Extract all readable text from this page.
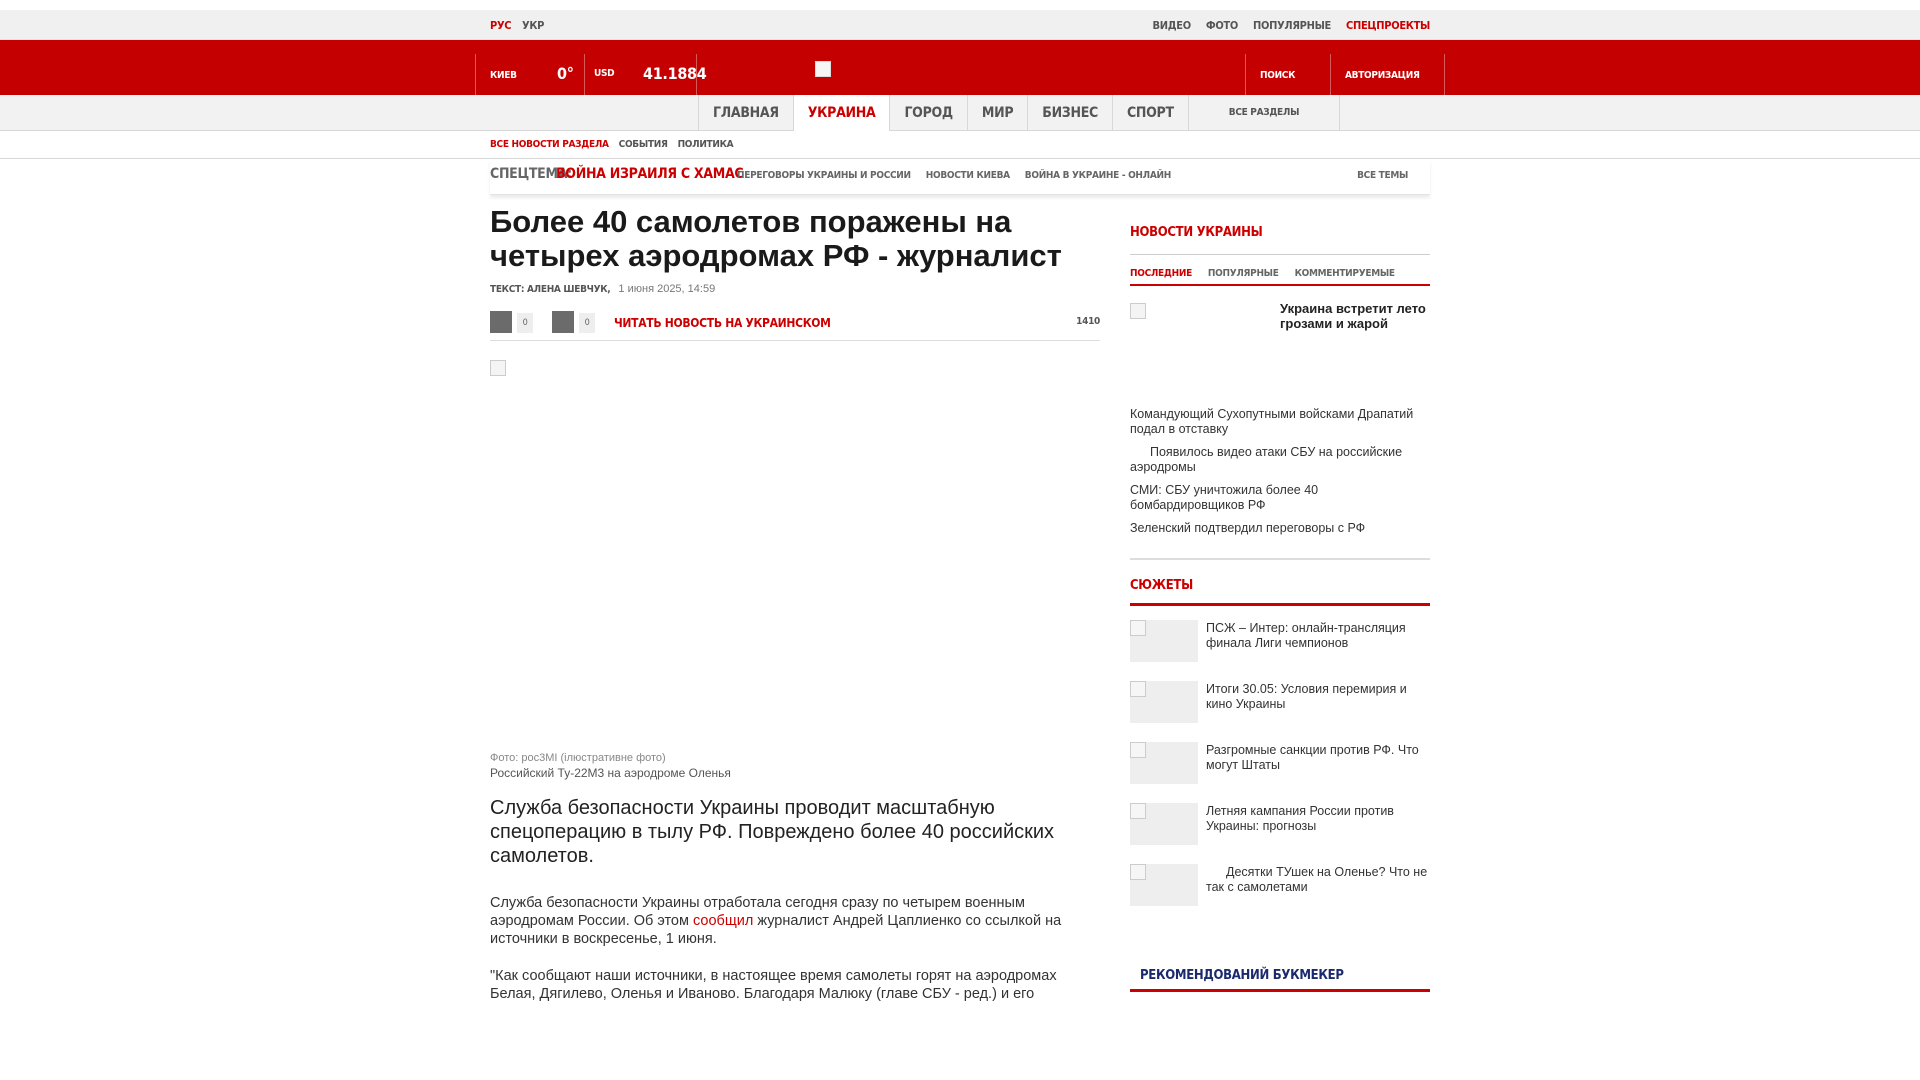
РУС УКР	ВИДЕО ФОТО ПОПУЛЯРНЫЕ СПЕЦПРОЕКТЫ
КИЕВ	0° USD 41.1884	ПОИСК	АВТОРИЗАЦИЯ
ГЛАВНАЯ	УКРАИНА	ГОРОД	МИР	БИЗНЕС	СПОРТ	ВСЕ РАЗДЕЛЫ
ВСЕ НОВОСТИ РАЗДЕЛА СОБЫТИЯ ПОЛИТИКА
СПЕЦТЕМА:
ВОЙНА ИЗРАИЛЯ С ХАМАС
ПЕРЕГОВОРЫ УКРАИНЫ И РОССИИ НОВОСТИ КИЕВА ВОЙНА В УКРАИНЕ - ОНЛАЙН	ВСЕ ТЕМЫ
Более 40 самолетов поражены на четырех аэродромах РФ - журналист
ТЕКСТ: АЛЕНА ШЕВЧУК, 1 июня 2025, 14:59
0	0	ЧИТАТЬ НОВОСТЬ НА УКРАИНСКОМ	1410
Фото: рос3МІ (ілюстративне фото)
Российский Ту-22М3 на аэродроме Оленья
Служба безопасности Украины проводит масштабную спецоперацию в тылу РФ. Повреждено более 40 российских самолетов.

Служба безопасности Украины отработала сегодня сразу по четырем военным аэродромам России. Об этом сообщил журналист Андрей Цаплиенко со ссылкой на источники в воскресенье, 1 июня.

"Как сообщают наши источники, в настоящее время самолеты горят на аэродромах Белая, Дягилево, Оленья и Иваново. Благодаря Малюку (главе СБУ - ред.) и его

НОВОСТИ УКРАИНЫ
ПОСЛЕДНИЕ ПОПУЛЯРНЫЕ КОММЕНТИРУЕМЫЕ
Украина встретит лето грозами и жарой
Командующий Сухопутными войсками Драпатий подал в отставку
Появилось видео атаки СБУ на российские аэродромы
СМИ: СБУ уничтожила более 40 бомбардировщиков РФ
Зеленский подтвердил переговоры с РФ
СЮЖЕТЫ
ПСЖ – Интер: онлайн-трансляция финала Лиги чемпионов
Итоги 30.05: Условия перемирия и кино Украины
Разгромные санкции против РФ. Что могут Штаты
Летняя кампания России против Украины: прогнозы
Десятки ТУшек на Оленье? Что не так с самолетами
РЕКОМЕНДОВАНИЙ БУКМЕКЕР
